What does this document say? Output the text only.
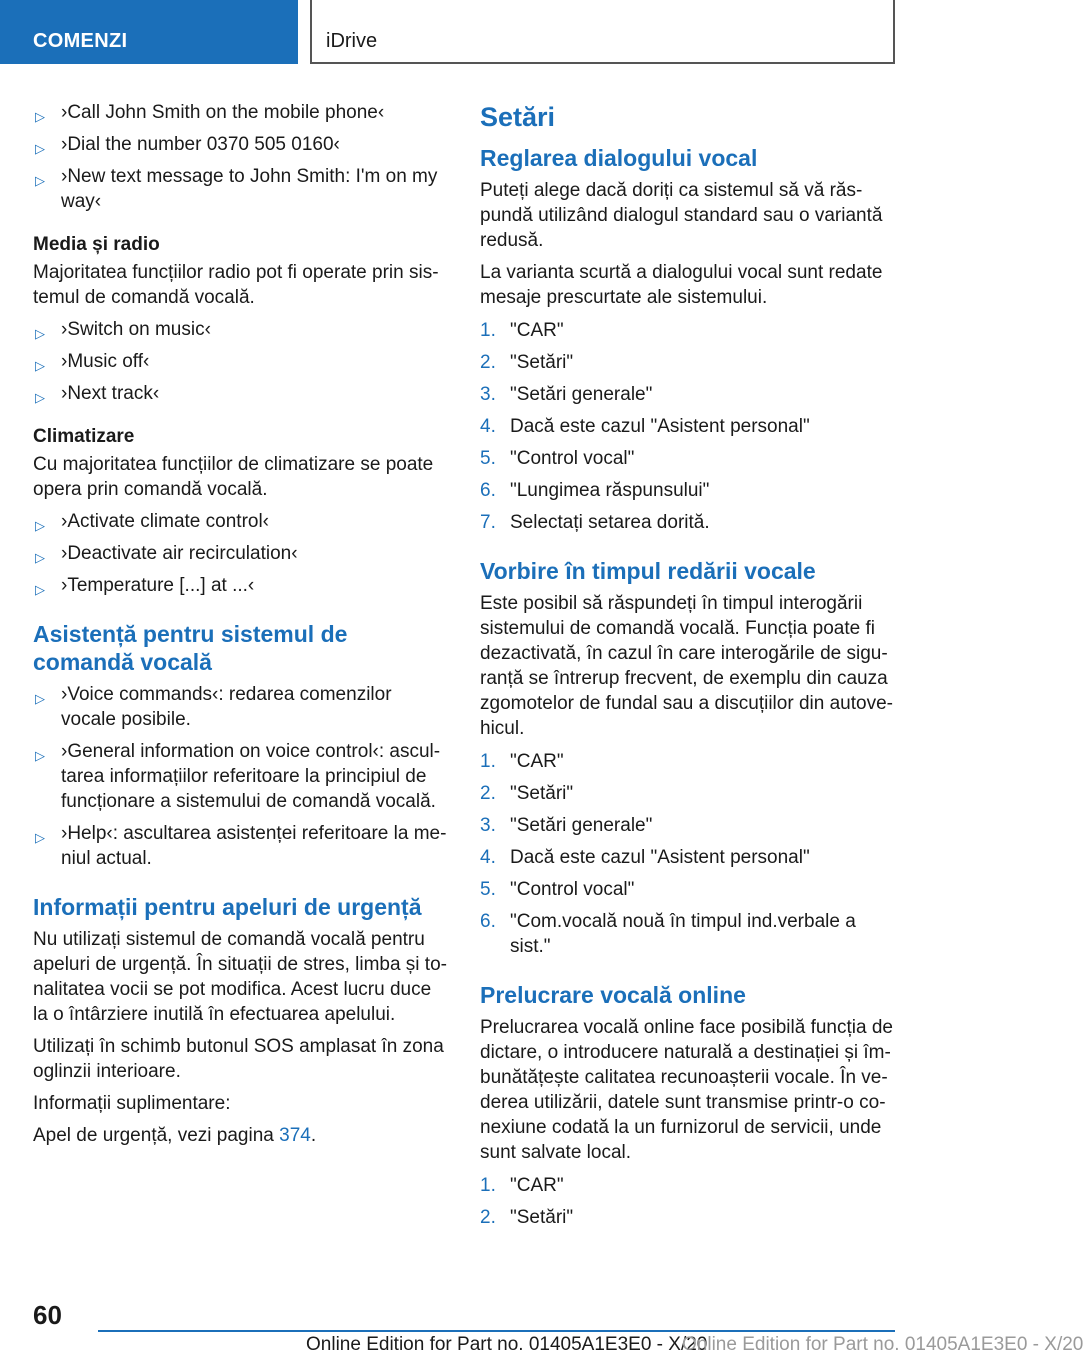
COMENZI	iDrive
▷ ›Call John Smith on the mobile phone‹
▷ ›Dial the number 0370 505 0160‹
▷ ›New text message to John Smith: I'm on my way‹
Media și radio
Majoritatea funcțiilor radio pot fi operate prin sistemul de comandă vocală.
▷ ›Switch on music‹
▷ ›Music off‹
▷ ›Next track‹
Climatizare
Cu majoritatea funcțiilor de climatizare se poate opera prin comandă vocală.
▷ ›Activate climate control‹
▷ ›Deactivate air recirculation‹
▷ ›Temperature [...] at ...‹
Asistență pentru sistemul de comandă vocală
▷ ›Voice commands‹: redarea comenzilor vocale posibile.
▷ ›General information on voice control‹: ascultarea informațiilor referitoare la principiul de funcționare a sistemului de comandă vocală.
▷ ›Help‹: ascultarea asistenței referitoare la meniul actual.
Informații pentru apeluri de urgență
Nu utilizați sistemul de comandă vocală pentru apeluri de urgență. În situații de stres, limba și tonalitatea vocii se pot modifica. Acest lucru duce la o întârziere inutilă în efectuarea apelului.
Utilizați în schimb butonul SOS amplasat în zona oglinzii interioare.
Informații suplimentare:
Apel de urgență, vezi pagina 374.
Setări
Reglarea dialogului vocal
Puteți alege dacă doriți ca sistemul să vă răspundă utilizând dialogul standard sau o variantă redusă.
La varianta scurtă a dialogului vocal sunt redate mesaje prescurtate ale sistemului.
1. "CAR"
2. "Setări"
3. "Setări generale"
4. Dacă este cazul "Asistent personal"
5. "Control vocal"
6. "Lungimea răspunsului"
7. Selectați setarea dorită.
Vorbire în timpul redării vocale
Este posibil să răspundeți în timpul interogării sistemului de comandă vocală. Funcția poate fi dezactivată, în cazul în care interogările de siguranță se întrerup frecvent, de exemplu din cauza zgomotelor de fundal sau a discuțiilor din autovehicul.
1. "CAR"
2. "Setări"
3. "Setări generale"
4. Dacă este cazul "Asistent personal"
5. "Control vocal"
6. "Com.vocală nouă în timpul ind.verbale a sist."
Prelucrare vocală online
Prelucrarea vocală online face posibilă funcția de dictare, o introducere naturală a destinației și îmbunătățește calitatea recunoașterii vocale. În vederea utilizării, datele sunt transmise printr-o conexiune codată la un furnizorul de servicii, unde sunt salvate local.
1. "CAR"
2. "Setări"
60
Online Edition for Part no. 01405A1E3E0 - X/20
Online Edition for Part no. 01405A1E3E0 - X/20
